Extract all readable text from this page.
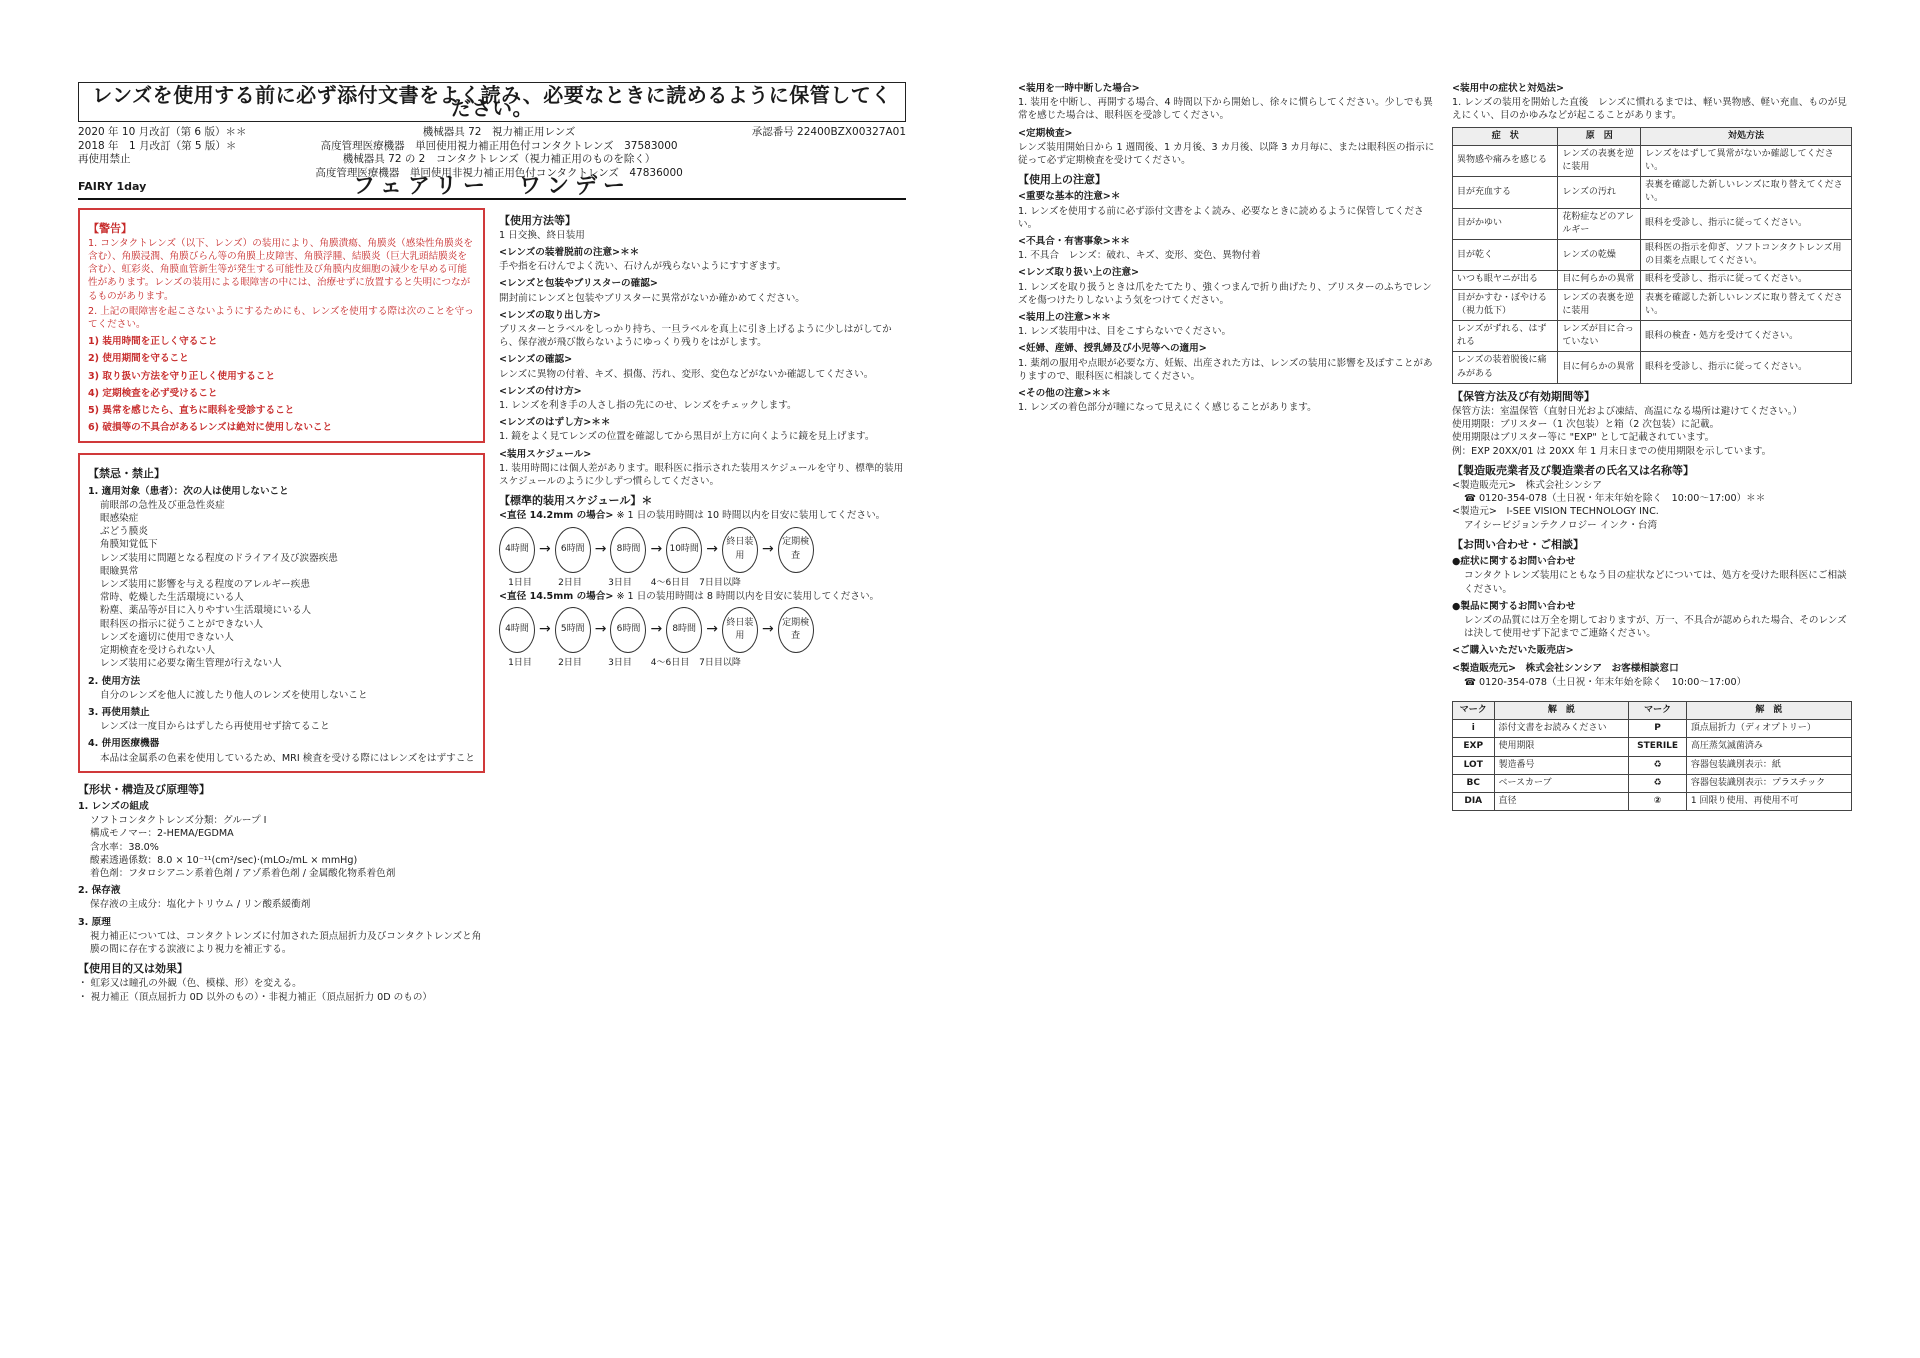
レンズを使用する前に必ず添付文書をよく読み、必要なときに読めるように保管してください。
2020 年 10 月改訂（第 6 版）＊＊
2018 年　1 月改訂（第 5 版）＊
再使用禁止
機械器具 72　視力補正用レンズ
高度管理医療機器　単回使用視力補正用色付コンタクトレンズ　37583000
機械器具 72 の 2　コンタクトレンズ（視力補正用のものを除く）
高度管理医療機器　単回使用非視力補正用色付コンタクトレンズ　47836000
承認番号 22400BZX00327A01
FAIRY 1day	フェアリー　ワンデー
【警告】
1. コンタクトレンズ（以下、レンズ）の装用により、角膜潰瘍、角膜炎（感染性角膜炎を含む）、角膜浸潤、角膜びらん等の角膜上皮障害、角膜浮腫、結膜炎（巨大乳頭結膜炎を含む）、虹彩炎、角膜血管新生等が発生する可能性及び角膜内皮細胞の減少を早める可能性があります。レンズの装用による眼障害の中には、治療せずに放置すると失明につながるものがあります。
2. 上記の眼障害を起こさないようにするためにも、レンズを使用する際は次のことを守ってください。
1) 装用時間を正しく守ること
2) 使用期間を守ること
3) 取り扱い方法を守り正しく使用すること
4) 定期検査を必ず受けること
5) 異常を感じたら、直ちに眼科を受診すること
6) 破損等の不具合があるレンズは絶対に使用しないこと
【禁忌・禁止】
1. 適用対象（患者）：次の人は使用しないこと
前眼部の急性及び亜急性炎症
眼感染症
ぶどう膜炎
角膜知覚低下
レンズ装用に問題となる程度のドライアイ及び涙器疾患
眼瞼異常
レンズ装用に影響を与える程度のアレルギー疾患
常時、乾燥した生活環境にいる人
粉塵、薬品等が目に入りやすい生活環境にいる人
眼科医の指示に従うことができない人
レンズを適切に使用できない人
定期検査を受けられない人
レンズ装用に必要な衛生管理が行えない人
2. 使用方法
自分のレンズを他人に渡したり他人のレンズを使用しないこと
3. 再使用禁止
レンズは一度目からはずしたら再使用せず捨てること
4. 併用医療機器
本品は金属系の色素を使用しているため、MRI 検査を受ける際にはレンズをはずすこと
【形状・構造及び原理等】
1. レンズの組成
ソフトコンタクトレンズ分類：グループ I
構成モノマー：2-HEMA/EGDMA
含水率：38.0%
酸素透過係数：8.0 × 10⁻¹¹(cm²/sec)·(mLO₂/mL × mmHg)
着色剤：フタロシアニン系着色剤 / アゾ系着色剤 / 金属酸化物系着色剤
2. 保存液
保存液の主成分：塩化ナトリウム / リン酸系緩衝剤
3. 原理
視力補正については、コンタクトレンズに付加された頂点屈折力及びコンタクトレンズと角膜の間に存在する涙液により視力を補正する。
【使用目的又は効果】
・ 虹彩又は瞳孔の外観（色、模様、形）を変える。
・ 視力補正（頂点屈折力 0D 以外のもの）・非視力補正（頂点屈折力 0D のもの）
【使用方法等】
1 日交換、終日装用
<レンズの装着脱前の注意>＊＊
手や指を石けんでよく洗い、石けんが残らないようにすすぎます。
<レンズと包装やブリスターの確認>
開封前にレンズと包装やブリスターに異常がないか確かめてください。
<レンズの取り出し方>
ブリスターとラベルをしっかり持ち、一旦ラベルを真上に引き上げるように少しはがしてから、保存液が飛び散らないようにゆっくり残りをはがします。
<レンズの確認>
レンズに異物の付着、キズ、損傷、汚れ、変形、変色などがないか確認してください。
<レンズの付け方>
1. レンズを利き手の人さし指の先にのせ、レンズをチェックします。
<レンズのはずし方>＊＊
1. 鏡をよく見てレンズの位置を確認してから黒目が上方に向くように鏡を見上げます。
<装用スケジュール>
1. 装用時間には個人差があります。眼科医に指示された装用スケジュールを守り、標準的装用スケジュールのように少しずつ慣らしてください。
【標準的装用スケジュール】＊
<直径 14.2mm の場合> ※ 1 日の装用時間は 10 時間以内を目安に装用してください。
4時間 →	6時間 →	8時間 → 10時間 → 終日装用	→ 定期検査
1日目	2日目	3日目	4〜6日目 7日目以降
<直径 14.5mm の場合> ※ 1 日の装用時間は 8 時間以内を目安に装用してください。
4時間 →	5時間 →	6時間 →	8時間 → 終日装用	→ 定期検査
1日目	2日目	3日目	4〜6日目 7日目以降
<装用を一時中断した場合>
1. 装用を中断し、再開する場合、4 時間以下から開始し、徐々に慣らしてください。少しでも異常を感じた場合は、眼科医を受診してください。
<定期検査>
レンズ装用開始日から 1 週間後、1 カ月後、3 カ月後、以降 3 カ月毎に、または眼科医の指示に従って必ず定期検査を受けてください。
【使用上の注意】
<重要な基本的注意>＊
1. レンズを使用する前に必ず添付文書をよく読み、必要なときに読めるように保管してください。
<不具合・有害事象>＊＊
1. 不具合　レンズ：破れ、キズ、変形、変色、異物付着
<レンズ取り扱い上の注意>
1. レンズを取り扱うときは爪をたてたり、強くつまんで折り曲げたり、ブリスターのふちでレンズを傷つけたりしないよう気をつけてください。
<装用上の注意>＊＊
1. レンズ装用中は、目をこすらないでください。
<妊婦、産婦、授乳婦及び小児等への適用>
1. 薬剤の服用や点眼が必要な方、妊娠、出産された方は、レンズの装用に影響を及ぼすことがありますので、眼科医に相談してください。
<その他の注意>＊＊
1. レンズの着色部分が瞳になって見えにくく感じることがあります。
<装用中の症状と対処法>
1. レンズの装用を開始した直後　レンズに慣れるまでは、軽い異物感、軽い充血、ものが見えにくい、目のかゆみなどが起こることがあります。
症　状	原　因	対処方法
異物感や痛みを感じる	レンズの表裏を逆に装用	レンズをはずして異常がないか確認してください。
目が充血する	レンズの汚れ	表裏を確認した新しいレンズに取り替えてください。
目がかゆい	花粉症などのアレルギー	眼科を受診し、指示に従ってください。
目が乾く	レンズの乾燥	眼科医の指示を仰ぎ、ソフトコンタクトレンズ用の目薬を点眼してください。
いつも眼ヤニが出る	目に何らかの異常	眼科を受診し、指示に従ってください。
目がかすむ・ぼやける（視力低下）	レンズの表裏を逆に装用	表裏を確認した新しいレンズに取り替えてください。
レンズがずれる、はずれる	レンズが目に合っていない	眼科の検査・処方を受けてください。
レンズの装着脱後に痛みがある	目に何らかの異常	眼科を受診し、指示に従ってください。
【保管方法及び有効期間等】
保管方法：室温保管（直射日光および凍結、高温になる場所は避けてください。）
使用期限：ブリスター（1 次包装）と箱（2 次包装）に記載。
使用期限はブリスター等に "EXP" として記載されています。
例：EXP 20XX/01 は 20XX 年 1 月末日までの使用期限を示しています。
【製造販売業者及び製造業者の氏名又は名称等】
<製造販売元>　株式会社シンシア
☎ 0120-354-078（土日祝・年末年始を除く　10:00〜17:00）＊＊
<製造元>　I-SEE VISION TECHNOLOGY INC.
アイシービジョンテクノロジー インク・台湾
【お問い合わせ・ご相談】
●症状に関するお問い合わせ
コンタクトレンズ装用にともなう目の症状などについては、処方を受けた眼科医にご相談ください。
●製品に関するお問い合わせ
レンズの品質には万全を期しておりますが、万一、不具合が認められた場合、そのレンズは決して使用せず下記までご連絡ください。
<ご購入いただいた販売店>
<製造販売元>　株式会社シンシア　お客様相談窓口
☎ 0120-354-078（土日祝・年末年始を除く　10:00〜17:00）
マーク	解　説	マーク	解　説
i	添付文書をお読みください	P	頂点屈折力（ディオプトリー）
EXP	使用期限	STERILE	高圧蒸気滅菌済み
LOT	製造番号	♻	容器包装識別表示：紙
BC	ベースカーブ	♻	容器包装識別表示：プラスチック
DIA	直径	②	1 回限り使用、再使用不可
